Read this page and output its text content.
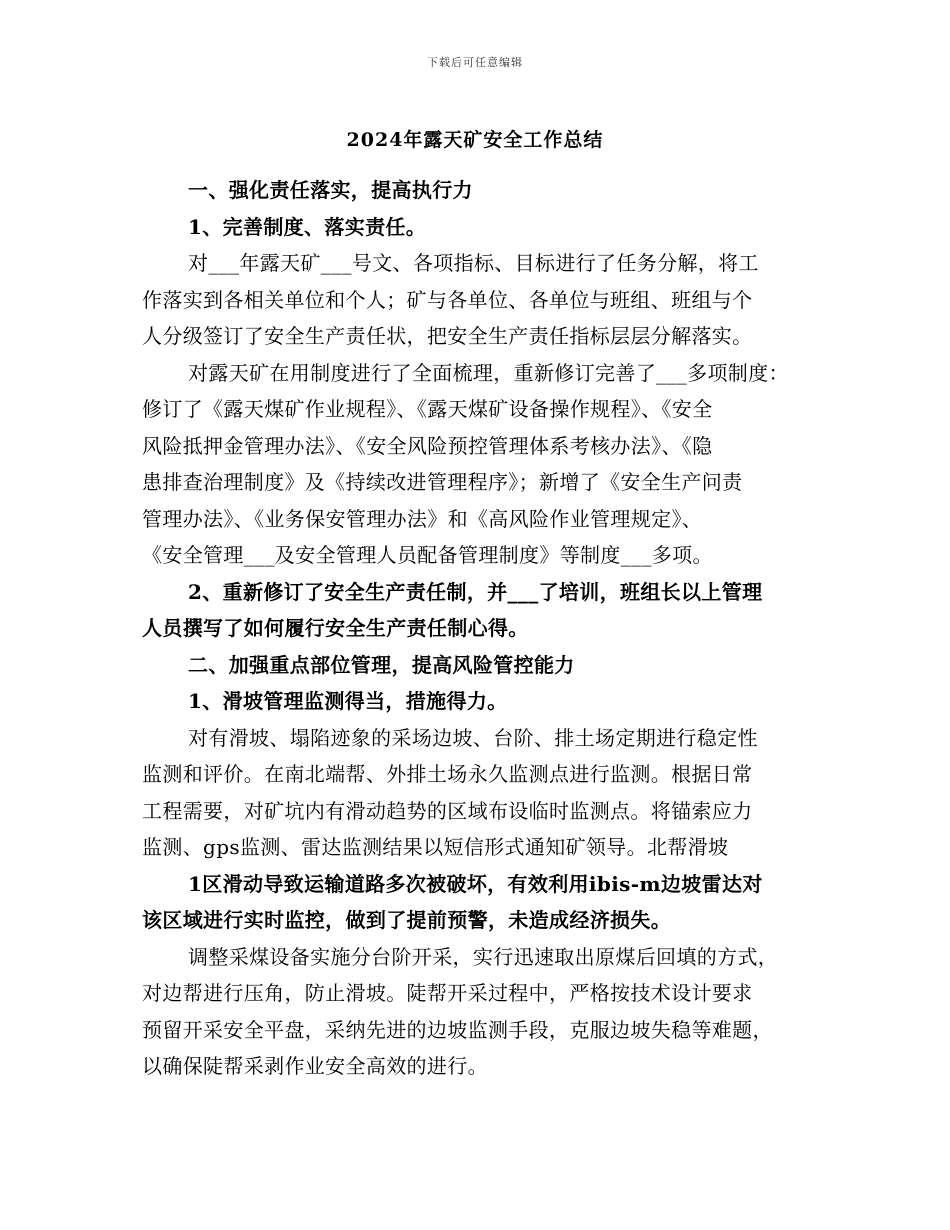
下载后可任意编辑
2024年露天矿安全工作总结
一、强化责任落实，提高执行力
1、完善制度、落实责任。
对___年露天矿___号文、各项指标、目标进行了任务分解，将工
作落实到各相关单位和个人；矿与各单位、各单位与班组、班组与个
人分级签订了安全生产责任状，把安全生产责任指标层层分解落实。
对露天矿在用制度进行了全面梳理，重新修订完善了___多项制度：
修订了《露天煤矿作业规程》、《露天煤矿设备操作规程》、《安全
风险抵押金管理办法》、《安全风险预控管理体系考核办法》、《隐
患排查治理制度》及《持续改进管理程序》；新增了《安全生产问责
管理办法》、《业务保安管理办法》和《高风险作业管理规定》、
《安全管理___及安全管理人员配备管理制度》等制度___多项。
2、重新修订了安全生产责任制，并___了培训，班组长以上管理
人员撰写了如何履行安全生产责任制心得。
二、加强重点部位管理，提高风险管控能力
1、滑坡管理监测得当，措施得力。
对有滑坡、塌陷迹象的采场边坡、台阶、排土场定期进行稳定性
监测和评价。在南北端帮、外排土场永久监测点进行监测。根据日常
工程需要，对矿坑内有滑动趋势的区域布设临时监测点。将锚索应力
监测、gps监测、雷达监测结果以短信形式通知矿领导。北帮滑坡
1区滑动导致运输道路多次被破坏，有效利用ibis-m边坡雷达对
该区域进行实时监控，做到了提前预警，未造成经济损失。
调整采煤设备实施分台阶开采，实行迅速取出原煤后回填的方式，
对边帮进行压角，防止滑坡。陡帮开采过程中，严格按技术设计要求
预留开采安全平盘，采纳先进的边坡监测手段，克服边坡失稳等难题，
以确保陡帮采剥作业安全高效的进行。
